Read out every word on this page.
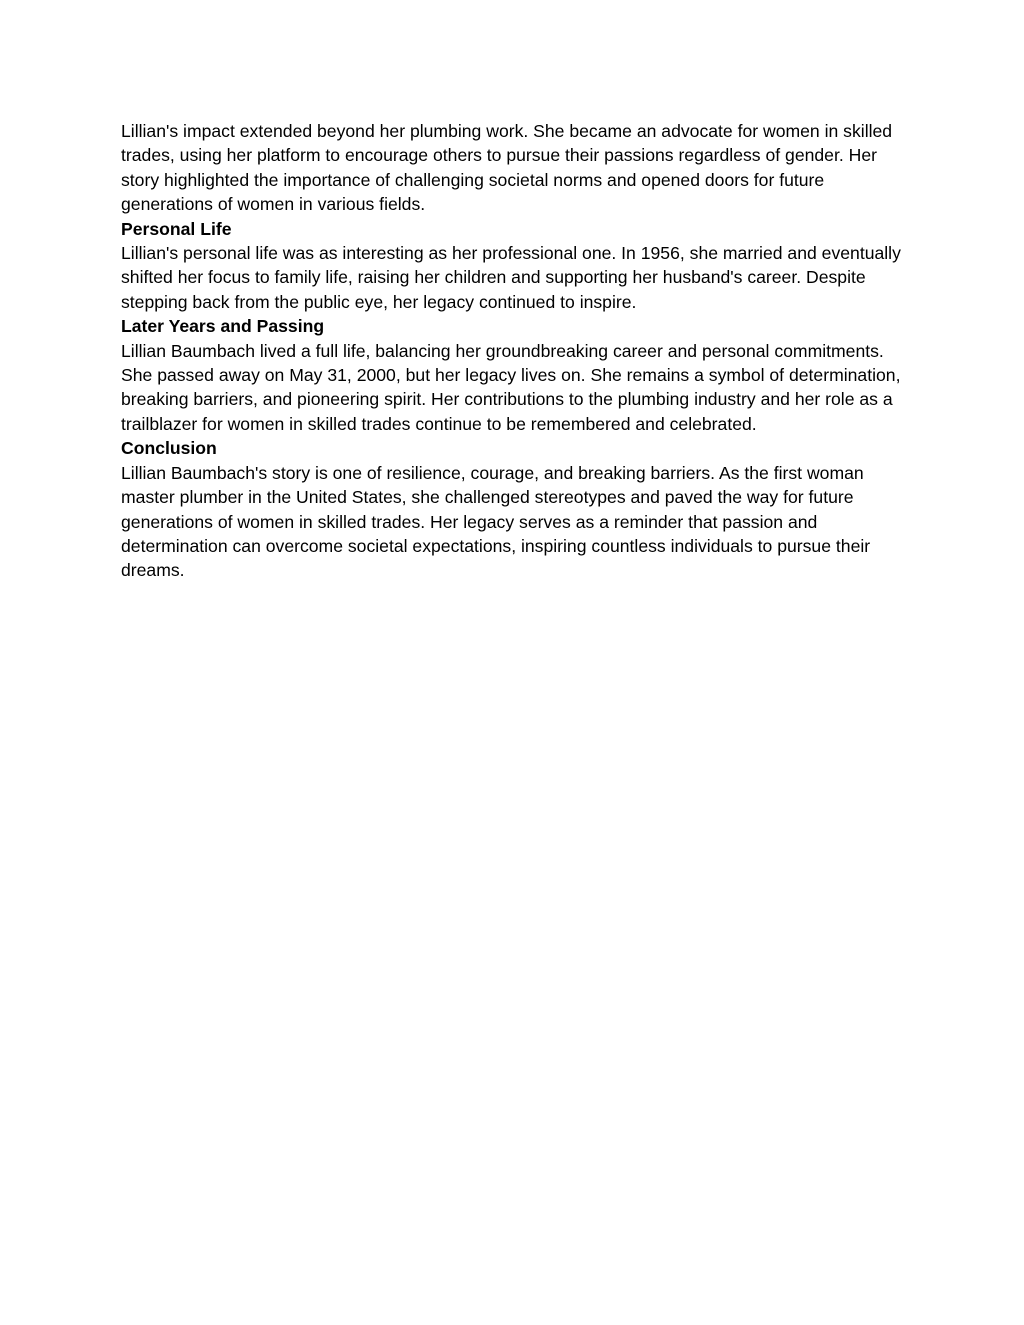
Lillian's impact extended beyond her plumbing work. She became an advocate for women in skilled trades, using her platform to encourage others to pursue their passions regardless of gender. Her story highlighted the importance of challenging societal norms and opened doors for future generations of women in various fields.

Personal Life

Lillian's personal life was as interesting as her professional one. In 1956, she married and eventually shifted her focus to family life, raising her children and supporting her husband's career. Despite stepping back from the public eye, her legacy continued to inspire.

Later Years and Passing

Lillian Baumbach lived a full life, balancing her groundbreaking career and personal commitments. She passed away on May 31, 2000, but her legacy lives on. She remains a symbol of determination, breaking barriers, and pioneering spirit. Her contributions to the plumbing industry and her role as a trailblazer for women in skilled trades continue to be remembered and celebrated.

Conclusion

Lillian Baumbach's story is one of resilience, courage, and breaking barriers. As the first woman master plumber in the United States, she challenged stereotypes and paved the way for future generations of women in skilled trades. Her legacy serves as a reminder that passion and determination can overcome societal expectations, inspiring countless individuals to pursue their dreams.
